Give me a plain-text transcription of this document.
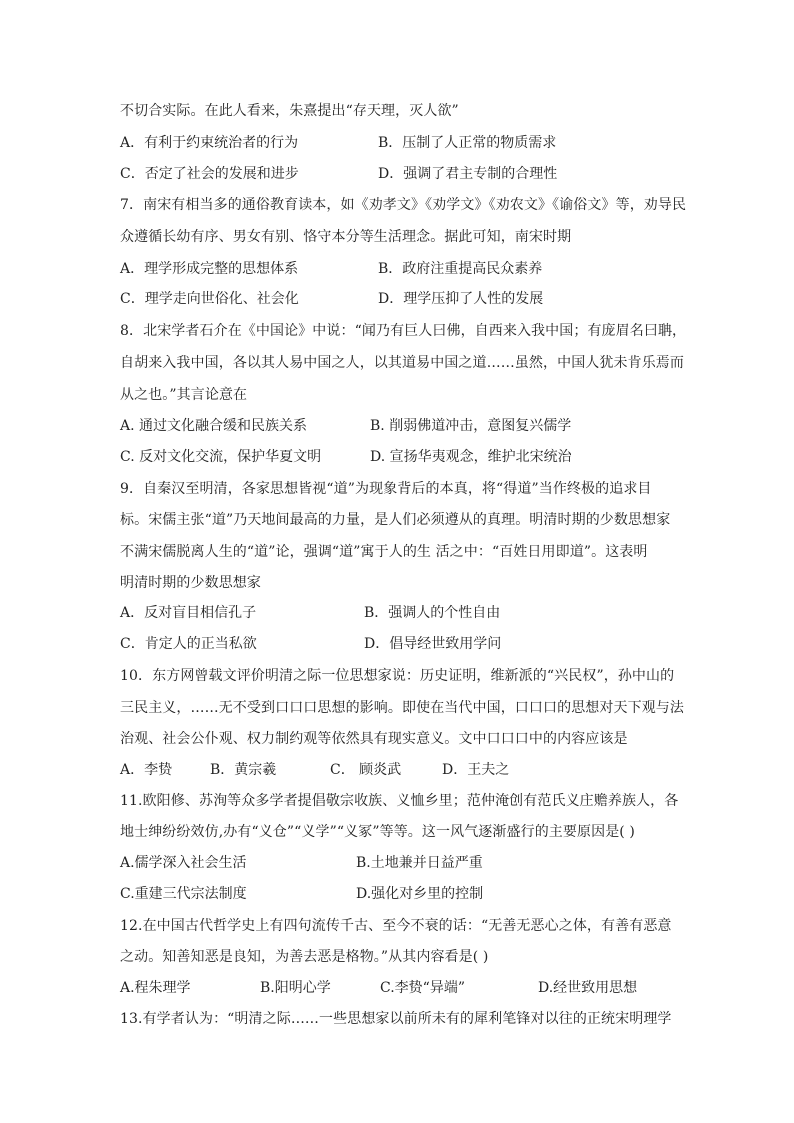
不切合实际。在此人看来，朱熹提出“存天理，灭人欲”
A．有利于约束统治者的行为	B．压制了人正常的物质需求
C．否定了社会的发展和进步	D．强调了君主专制的合理性
7．南宋有相当多的通俗教育读本，如《劝孝文》《劝学文》《劝农文》《谕俗文》等，劝导民
众遵循长幼有序、男女有别、恪守本分等生活理念。据此可知，南宋时期
A．理学形成完整的思想体系	B．政府注重提高民众素养
C．理学走向世俗化、社会化	D．理学压抑了人性的发展
8．北宋学者石介在《中国论》中说：“闻乃有巨人曰佛，自西来入我中国；有庞眉名曰聃，
自胡来入我中国，各以其人易中国之人，以其道易中国之道……虽然，中国人犹未肯乐焉而
从之也。”其言论意在
A. 通过文化融合缓和民族关系	B. 削弱佛道冲击，意图复兴儒学
C. 反对文化交流，保护华夏文明	D. 宣扬华夷观念，维护北宋统治
9．自秦汉至明清，各家思想皆视“道”为现象背后的本真，将“得道”当作终极的追求目
标。宋儒主张“道”乃天地间最高的力量，是人们必须遵从的真理。明清时期的少数思想家
不满宋儒脱离人生的“道”论，强调“道”寓于人的生 活之中：“百姓日用即道”。这表明
明清时期的少数思想家
A．反对盲目相信孔子	B．强调人的个性自由
C．肯定人的正当私欲	D．倡导经世致用学问
10．东方网曾载文评价明清之际一位思想家说：历史证明，维新派的“兴民权”，孙中山的
三民主义，……无不受到口口口思想的影响。即使在当代中国，口口口的思想对天下观与法
治观、社会公仆观、权力制约观等依然具有现实意义。文中口口口中的内容应该是
A．李贽	B．黄宗羲	C． 顾炎武	D．王夫之
11.欧阳修、苏洵等众多学者提倡敬宗收族、义恤乡里；范仲淹创有范氏义庄赡养族人，各
地士绅纷纷效仿,办有“义仓”“义学”“义冢”等等。这一风气逐渐盛行的主要原因是( )
A.儒学深入社会生活	B.土地兼并日益严重
C.重建三代宗法制度	D.强化对乡里的控制
12.在中国古代哲学史上有四句流传千古、至今不衰的话：“无善无恶心之体，有善有恶意
之动。知善知恶是良知，为善去恶是格物。”从其内容看是( )
A.程朱理学	B.阳明心学	C.李贽“异端”	D.经世致用思想
13.有学者认为：“明清之际……一些思想家以前所未有的犀利笔锋对以往的正统宋明理学
